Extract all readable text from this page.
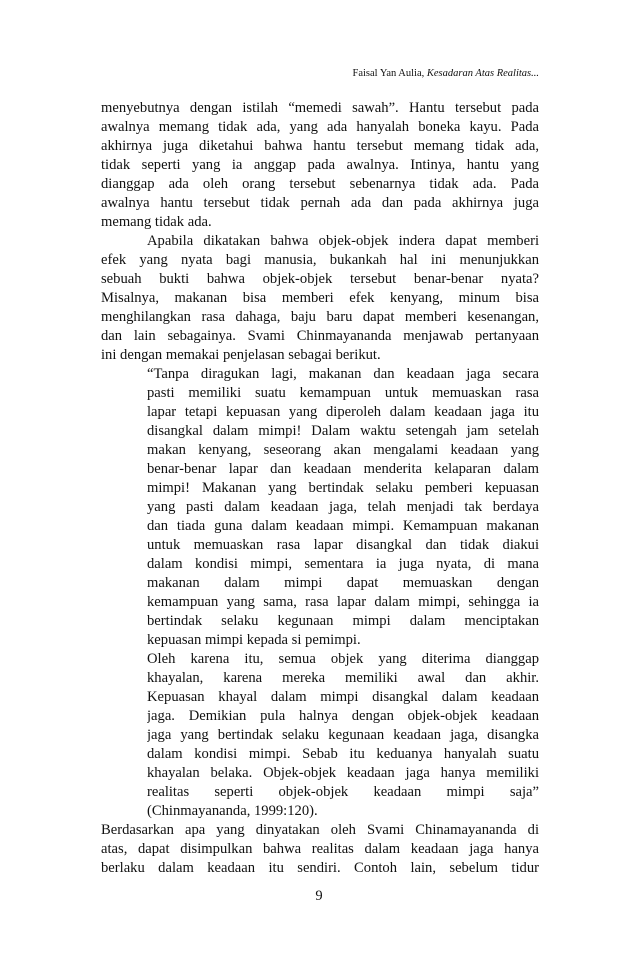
Faisal Yan Aulia, Kesadaran Atas Realitas...
menyebutnya dengan istilah “memedi sawah”. Hantu tersebut pada
awalnya memang tidak ada, yang ada hanyalah boneka kayu. Pada
akhirnya juga diketahui bahwa hantu tersebut memang tidak ada,
tidak seperti yang ia anggap pada awalnya. Intinya, hantu yang
dianggap ada oleh orang tersebut sebenarnya tidak ada. Pada
awalnya hantu tersebut tidak pernah ada dan pada akhirnya juga
memang tidak ada.
Apabila dikatakan bahwa objek-objek indera dapat memberi
efek yang nyata bagi manusia, bukankah hal ini menunjukkan
sebuah bukti bahwa objek-objek tersebut benar-benar nyata?
Misalnya, makanan bisa memberi efek kenyang, minum bisa
menghilangkan rasa dahaga, baju baru dapat memberi kesenangan,
dan lain sebagainya. Svami Chinmayananda menjawab pertanyaan
ini dengan memakai penjelasan sebagai berikut.
“Tanpa diragukan lagi, makanan dan keadaan jaga secara
pasti memiliki suatu kemampuan untuk memuaskan rasa
lapar tetapi kepuasan yang diperoleh dalam keadaan jaga itu
disangkal dalam mimpi! Dalam waktu setengah jam setelah
makan kenyang, seseorang akan mengalami keadaan yang
benar-benar lapar dan keadaan menderita kelaparan dalam
mimpi! Makanan yang bertindak selaku pemberi kepuasan
yang pasti dalam keadaan jaga, telah menjadi tak berdaya
dan tiada guna dalam keadaan mimpi. Kemampuan makanan
untuk memuaskan rasa lapar disangkal dan tidak diakui
dalam kondisi mimpi, sementara ia juga nyata, di mana
makanan dalam mimpi dapat memuaskan dengan
kemampuan yang sama, rasa lapar dalam mimpi, sehingga ia
bertindak selaku kegunaan mimpi dalam menciptakan
kepuasan mimpi kepada si pemimpi.
Oleh karena itu, semua objek yang diterima dianggap
khayalan, karena mereka memiliki awal dan akhir.
Kepuasan khayal dalam mimpi disangkal dalam keadaan
jaga. Demikian pula halnya dengan objek-objek keadaan
jaga yang bertindak selaku kegunaan keadaan jaga, disangka
dalam kondisi mimpi. Sebab itu keduanya hanyalah suatu
khayalan belaka. Objek-objek keadaan jaga hanya memiliki
realitas seperti objek-objek keadaan mimpi saja”
(Chinmayananda, 1999:120).
Berdasarkan apa yang dinyatakan oleh Svami Chinamayananda di
atas, dapat disimpulkan bahwa realitas dalam keadaan jaga hanya
berlaku dalam keadaan itu sendiri. Contoh lain, sebelum tidur
9
